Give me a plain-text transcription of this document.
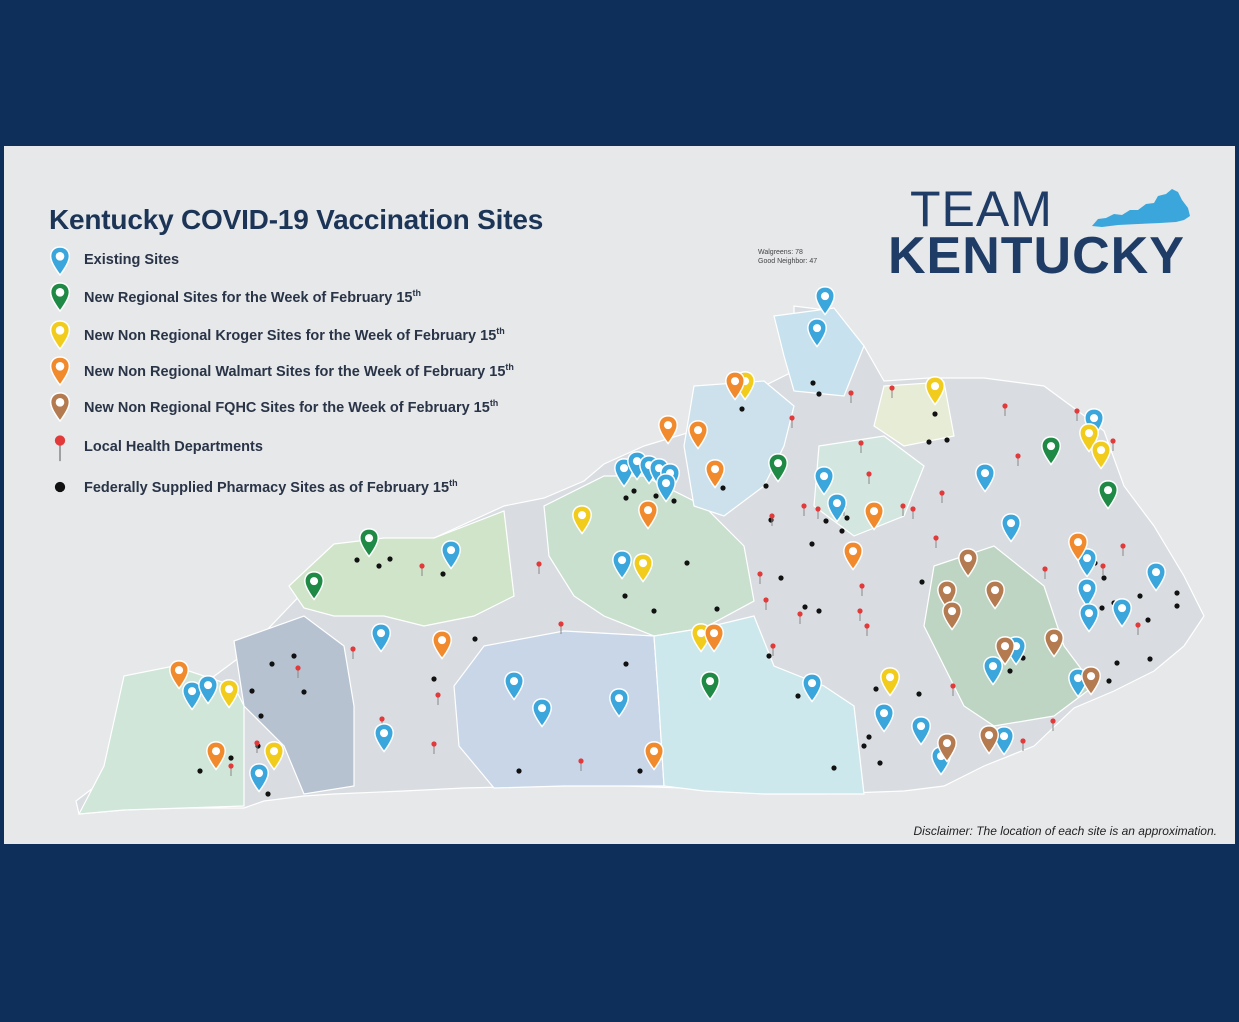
Kentucky COVID-19 Vaccination Sites
Existing Sites
New Regional Sites for the Week of February 15th
New Non Regional Kroger Sites for the Week of February 15th
New Non Regional Walmart Sites for the Week of February 15th
New Non Regional FQHC Sites for the Week of February 15th
Local Health Departments
Federally Supplied Pharmacy Sites as of February 15th
Walgreens: 78
Good Neighbor: 47
TEAM
KENTUCKY
Disclaimer: The location of each site is an approximation.
